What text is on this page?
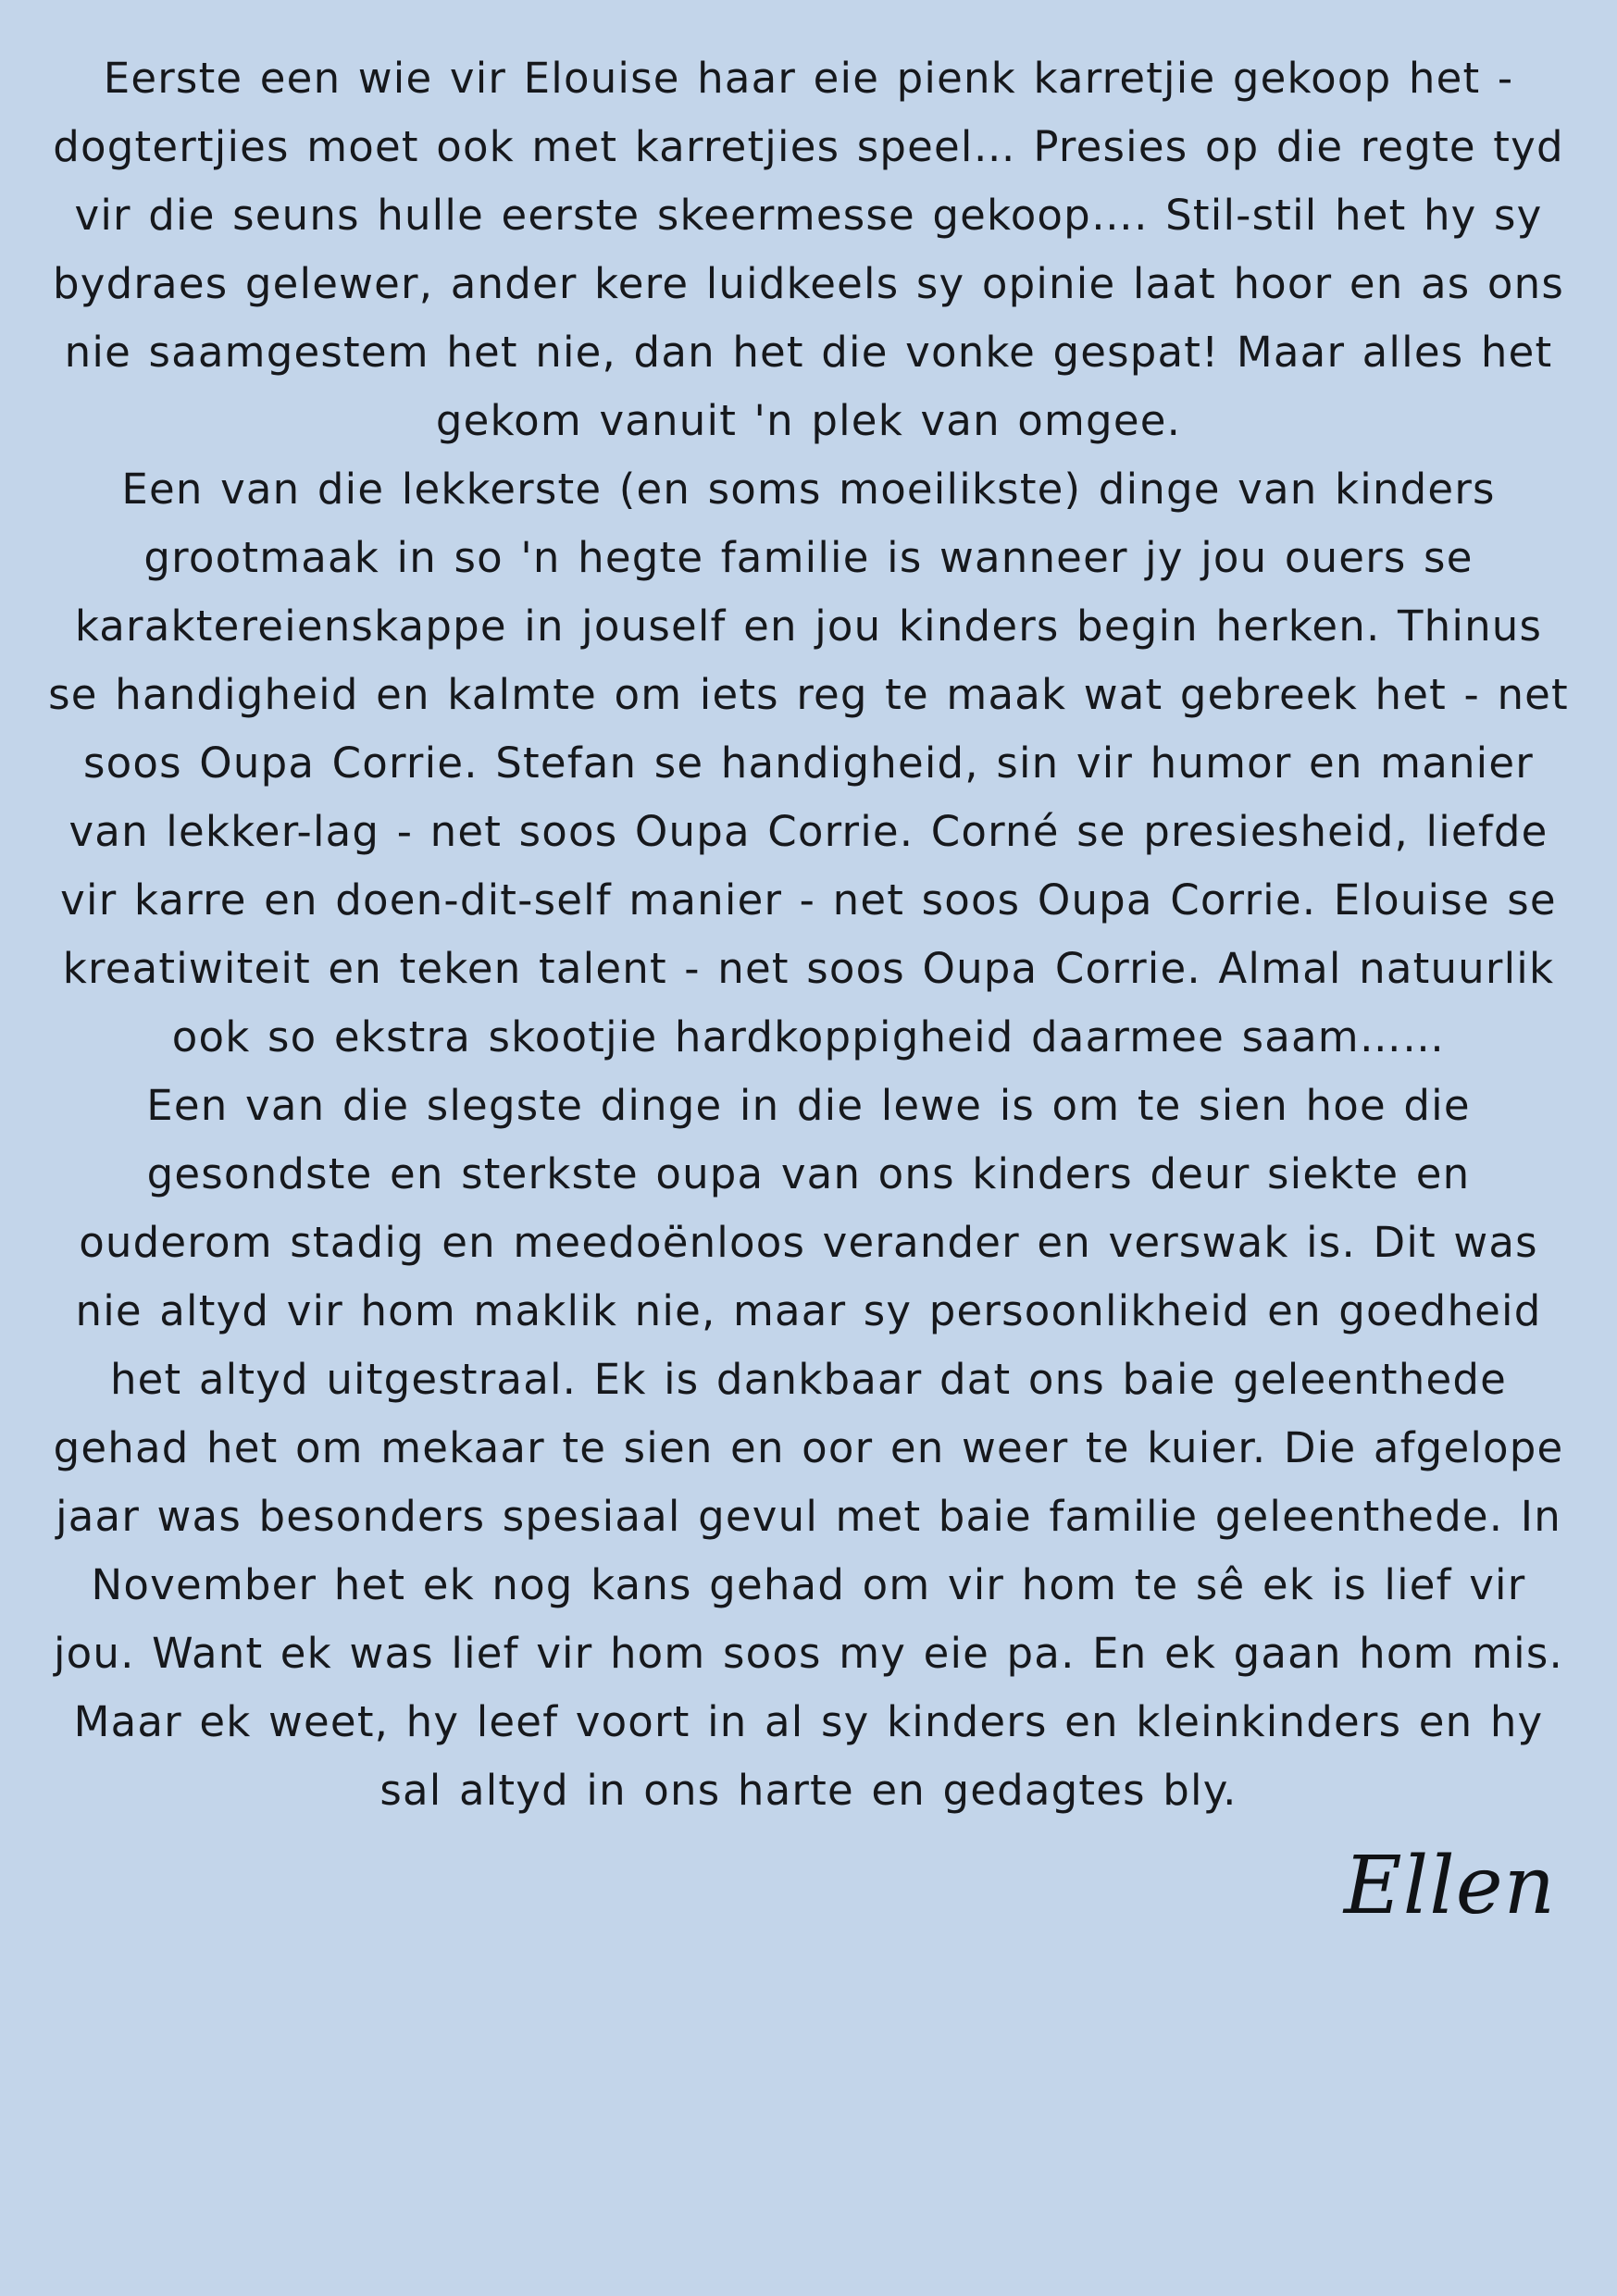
Eerste een wie vir Elouise haar eie pienk karretjie gekoop het - dogtertjies moet ook met karretjies speel… Presies op die regte tyd vir die seuns hulle eerste skeermesse gekoop…. Stil-stil het hy sy bydraes gelewer, ander kere luidkeels sy opinie laat hoor en as ons nie saamgestem het nie, dan het die vonke gespat! Maar alles het gekom vanuit 'n plek van omgee.

Een van die lekkerste (en soms moeilikste) dinge van kinders grootmaak in so 'n hegte familie is wanneer jy jou ouers se karaktereienskappe in jouself en jou kinders begin herken. Thinus se handigheid en kalmte om iets reg te maak wat gebreek het - net soos Oupa Corrie. Stefan se handigheid, sin vir humor en manier van lekker-lag - net soos Oupa Corrie. Corné se presiesheid, liefde vir karre en doen-dit-self manier - net soos Oupa Corrie. Elouise se kreatiwiteit en teken talent - net soos Oupa Corrie. Almal natuurlik ook so ekstra skootjie hardkoppigheid daarmee saam……

Een van die slegste dinge in die lewe is om te sien hoe die gesondste en sterkste oupa van ons kinders deur siekte en ouderom stadig en meedoënloos verander en verswak is. Dit was nie altyd vir hom maklik nie, maar sy persoonlikheid en goedheid het altyd uitgestraal. Ek is dankbaar dat ons baie geleenthede gehad het om mekaar te sien en oor en weer te kuier. Die afgelope jaar was besonders spesiaal gevul met baie familie geleenthede. In November het ek nog kans gehad om vir hom te sê ek is lief vir jou. Want ek was lief vir hom soos my eie pa. En ek gaan hom mis. Maar ek weet, hy leef voort in al sy kinders en kleinkinders en hy sal altyd in ons harte en gedagtes bly.

Ellen
